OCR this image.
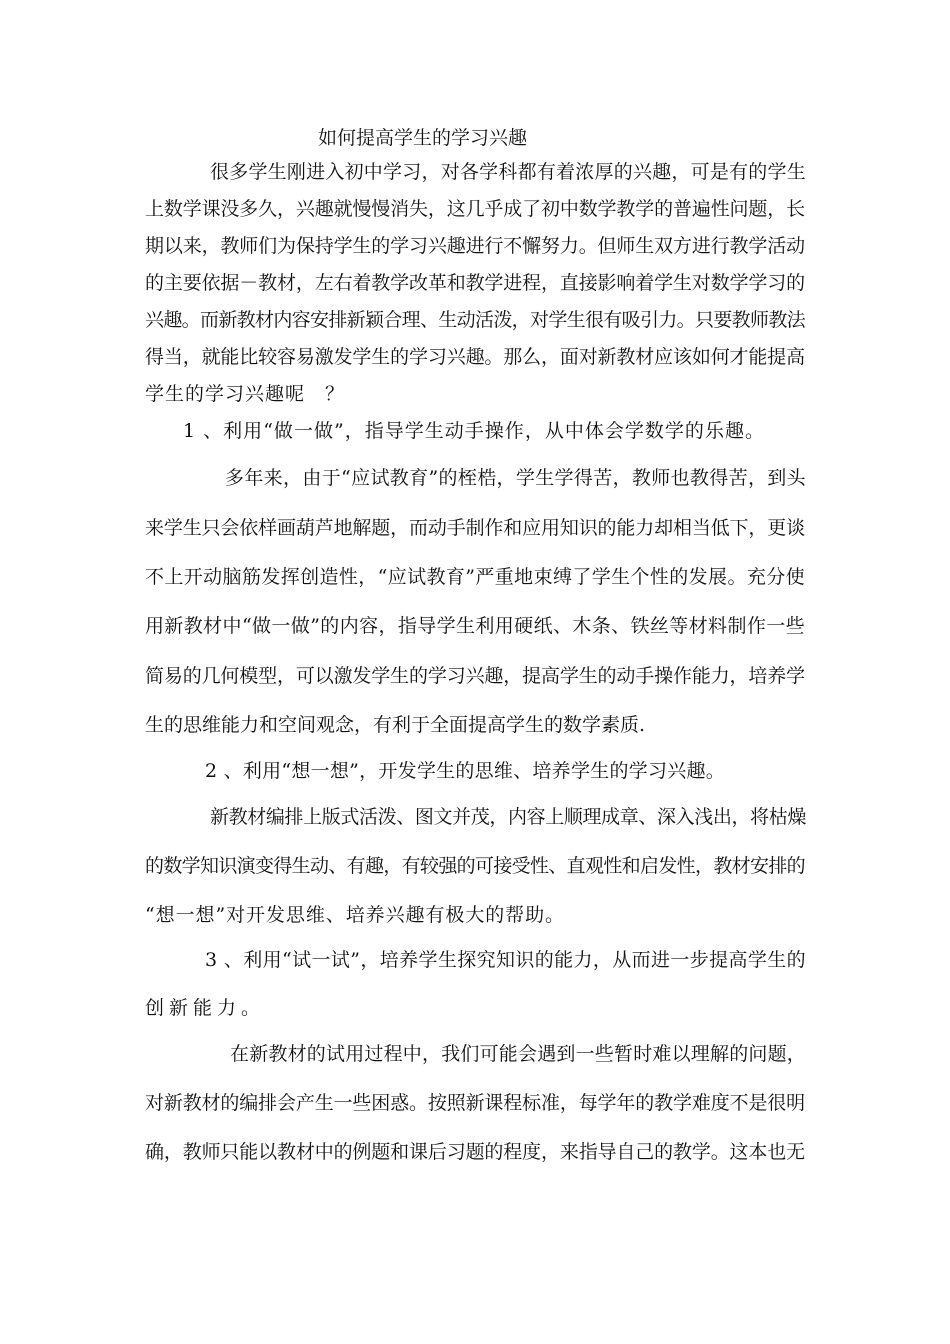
如何提高学生的学习兴趣
很多学生刚进入初中学习，对各学科都有着浓厚的兴趣，可是有的学生
上数学课没多久，兴趣就慢慢消失，这几乎成了初中数学教学的普遍性问题，长
期以来，教师们为保持学生的学习兴趣进行不懈努力。但师生双方进行教学活动
的主要依据－教材，左右着教学改革和教学进程，直接影响着学生对数学学习的
兴趣。而新教材内容安排新颖合理、生动活泼，对学生很有吸引力。只要教师教法
得当，就能比较容易激发学生的学习兴趣。那么，面对新教材应该如何才能提高
学生的学习兴趣呢　？
1 、利用“做一做”，指导学生动手操作，从中体会学数学的乐趣。
多年来，由于“应试教育”的桎梏，学生学得苦，教师也教得苦，到头
来学生只会依样画葫芦地解题，而动手制作和应用知识的能力却相当低下，更谈
不上开动脑筋发挥创造性，“应试教育”严重地束缚了学生个性的发展。充分使
用新教材中“做一做”的内容，指导学生利用硬纸、木条、铁丝等材料制作一些
简易的几何模型，可以激发学生的学习兴趣，提高学生的动手操作能力，培养学
生的思维能力和空间观念，有利于全面提高学生的数学素质.
2 、利用“想一想”，开发学生的思维、培养学生的学习兴趣。
新教材编排上版式活泼、图文并茂，内容上顺理成章、深入浅出，将枯燥
的数学知识演变得生动、有趣，有较强的可接受性、直观性和启发性，教材安排的
“想一想”对开发思维、培养兴趣有极大的帮助。
3 、利用“试一试”，培养学生探究知识的能力，从而进一步提高学生的
创新能力。
在新教材的试用过程中，我们可能会遇到一些暂时难以理解的问题，
对新教材的编排会产生一些困惑。按照新课程标准，每学年的教学难度不是很明
确，教师只能以教材中的例题和课后习题的程度，来指导自己的教学。这本也无
